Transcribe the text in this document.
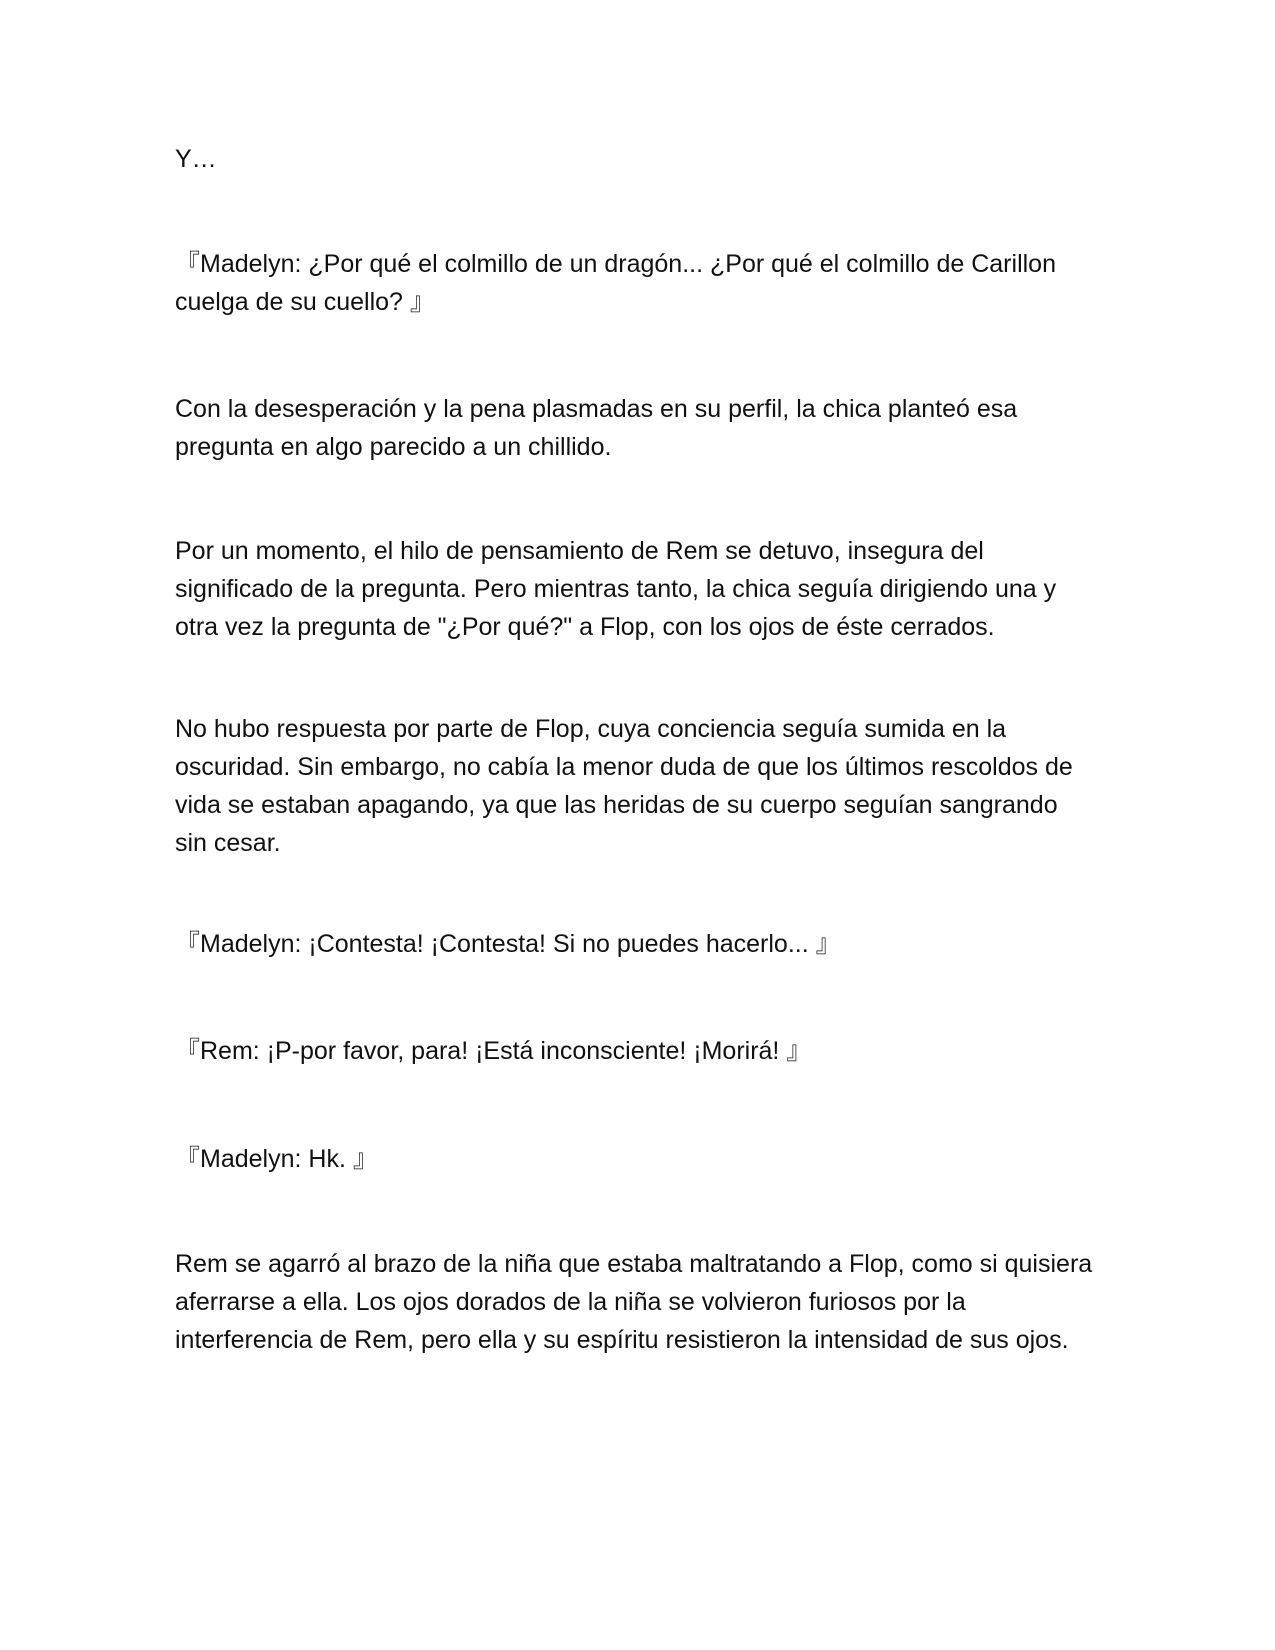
Y…

『Madelyn: ¿Por qué el colmillo de un dragón... ¿Por qué el colmillo de Carillon cuelga de su cuello? 』

Con la desesperación y la pena plasmadas en su perfil, la chica planteó esa pregunta en algo parecido a un chillido.

Por un momento, el hilo de pensamiento de Rem se detuvo, insegura del significado de la pregunta. Pero mientras tanto, la chica seguía dirigiendo una y otra vez la pregunta de "¿Por qué?" a Flop, con los ojos de éste cerrados.

No hubo respuesta por parte de Flop, cuya conciencia seguía sumida en la oscuridad. Sin embargo, no cabía la menor duda de que los últimos rescoldos de vida se estaban apagando, ya que las heridas de su cuerpo seguían sangrando sin cesar.

『Madelyn: ¡Contesta! ¡Contesta! Si no puedes hacerlo... 』

『Rem: ¡P-por favor, para! ¡Está inconsciente! ¡Morirá! 』

『Madelyn: Hk. 』

Rem se agarró al brazo de la niña que estaba maltratando a Flop, como si quisiera aferrarse a ella. Los ojos dorados de la niña se volvieron furiosos por la interferencia de Rem, pero ella y su espíritu resistieron la intensidad de sus ojos.
